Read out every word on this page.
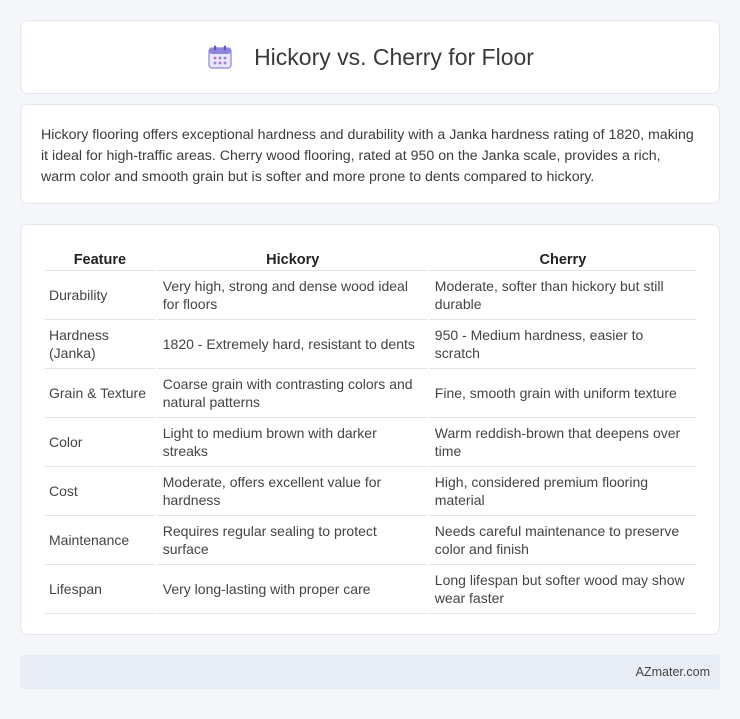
Hickory vs. Cherry for Floor

Hickory flooring offers exceptional hardness and durability with a Janka hardness rating of 1820, making it ideal for high-traffic areas. Cherry wood flooring, rated at 950 on the Janka scale, provides a rich, warm color and smooth grain but is softer and more prone to dents compared to hickory.

Feature	Hickory	Cherry
Durability	Very high, strong and dense wood ideal for floors	Moderate, softer than hickory but still durable
Hardness (Janka)	1820 - Extremely hard, resistant to dents	950 - Medium hardness, easier to scratch
Grain & Texture	Coarse grain with contrasting colors and natural patterns	Fine, smooth grain with uniform texture
Color	Light to medium brown with darker streaks	Warm reddish-brown that deepens over time
Cost	Moderate, offers excellent value for hardness	High, considered premium flooring material
Maintenance	Requires regular sealing to protect surface	Needs careful maintenance to preserve color and finish
Lifespan	Very long-lasting with proper care	Long lifespan but softer wood may show wear faster
AZmater.com
